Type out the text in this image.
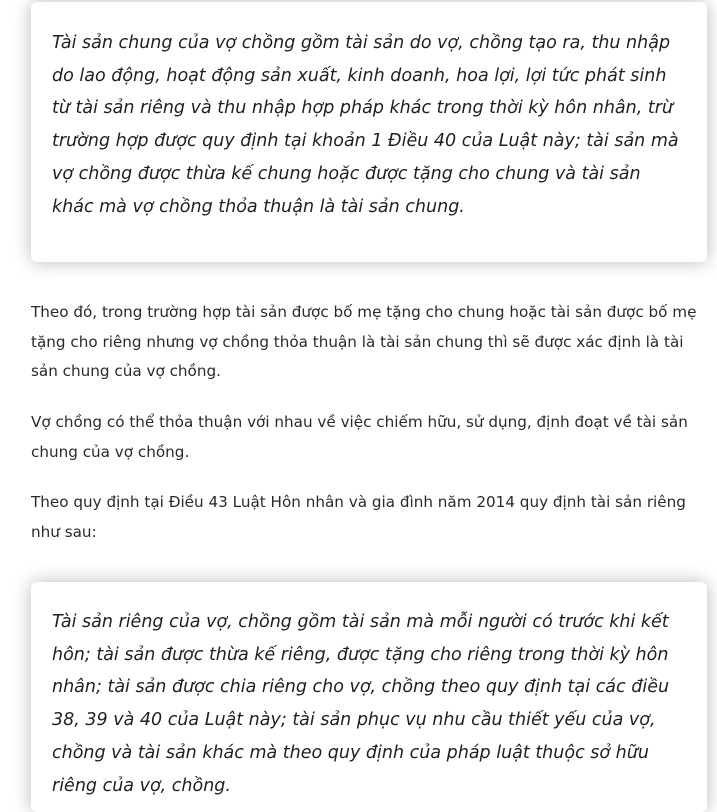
Tài sản chung của vợ chồng gồm tài sản do vợ, chồng tạo ra, thu nhập do lao động, hoạt động sản xuất, kinh doanh, hoa lợi, lợi tức phát sinh từ tài sản riêng và thu nhập hợp pháp khác trong thời kỳ hôn nhân, trừ trường hợp được quy định tại khoản 1 Điều 40 của Luật này; tài sản mà vợ chồng được thừa kế chung hoặc được tặng cho chung và tài sản khác mà vợ chồng thỏa thuận là tài sản chung.

Theo đó, trong trường hợp tài sản được bố mẹ tặng cho chung hoặc tài sản được bố mẹ tặng cho riêng nhưng vợ chồng thỏa thuận là tài sản chung thì sẽ được xác định là tài sản chung của vợ chồng.

Vợ chồng có thể thỏa thuận với nhau về việc chiếm hữu, sử dụng, định đoạt về tài sản chung của vợ chồng.

Theo quy định tại Điều 43 Luật Hôn nhân và gia đình năm 2014 quy định tài sản riêng như sau:

Tài sản riêng của vợ, chồng gồm tài sản mà mỗi người có trước khi kết hôn; tài sản được thừa kế riêng, được tặng cho riêng trong thời kỳ hôn nhân; tài sản được chia riêng cho vợ, chồng theo quy định tại các điều 38, 39 và 40 của Luật này; tài sản phục vụ nhu cầu thiết yếu của vợ, chồng và tài sản khác mà theo quy định của pháp luật thuộc sở hữu riêng của vợ, chồng.
